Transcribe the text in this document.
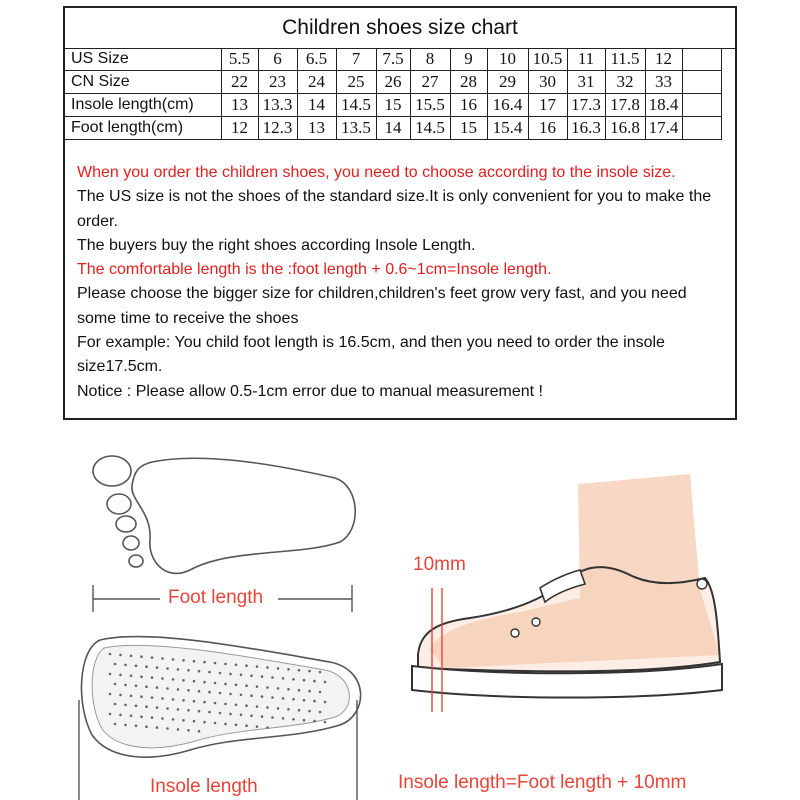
Children shoes size chart
US Size	5.5	6	6.5	7	7.5	8	9	10	10.5	11	11.5	12	
CN Size	22	23	24	25	26	27	28	29	30	31	32	33	
Insole length(cm)	13	13.3	14	14.5	15	15.5	16	16.4	17	17.3	17.8	18.4	
Foot length(cm)	12	12.3	13	13.5	14	14.5	15	15.4	16	16.3	16.8	17.4	

When you order the children shoes, you need to choose according to the insole size.

The US size is not the shoes of the standard size.It is only convenient for you to make the order.

The buyers buy the right shoes according Insole Length.

The comfortable length is the :foot length + 0.6~1cm=Insole length.

Please choose the bigger size for children,children's feet grow very fast, and you need some time to receive the shoes

For example: You child foot length is 16.5cm, and then you need to order the insole size17.5cm.

Notice : Please allow 0.5-1cm error due to manual measurement !

Foot length
Insole length
10mm
Insole length=Foot length + 10mm
